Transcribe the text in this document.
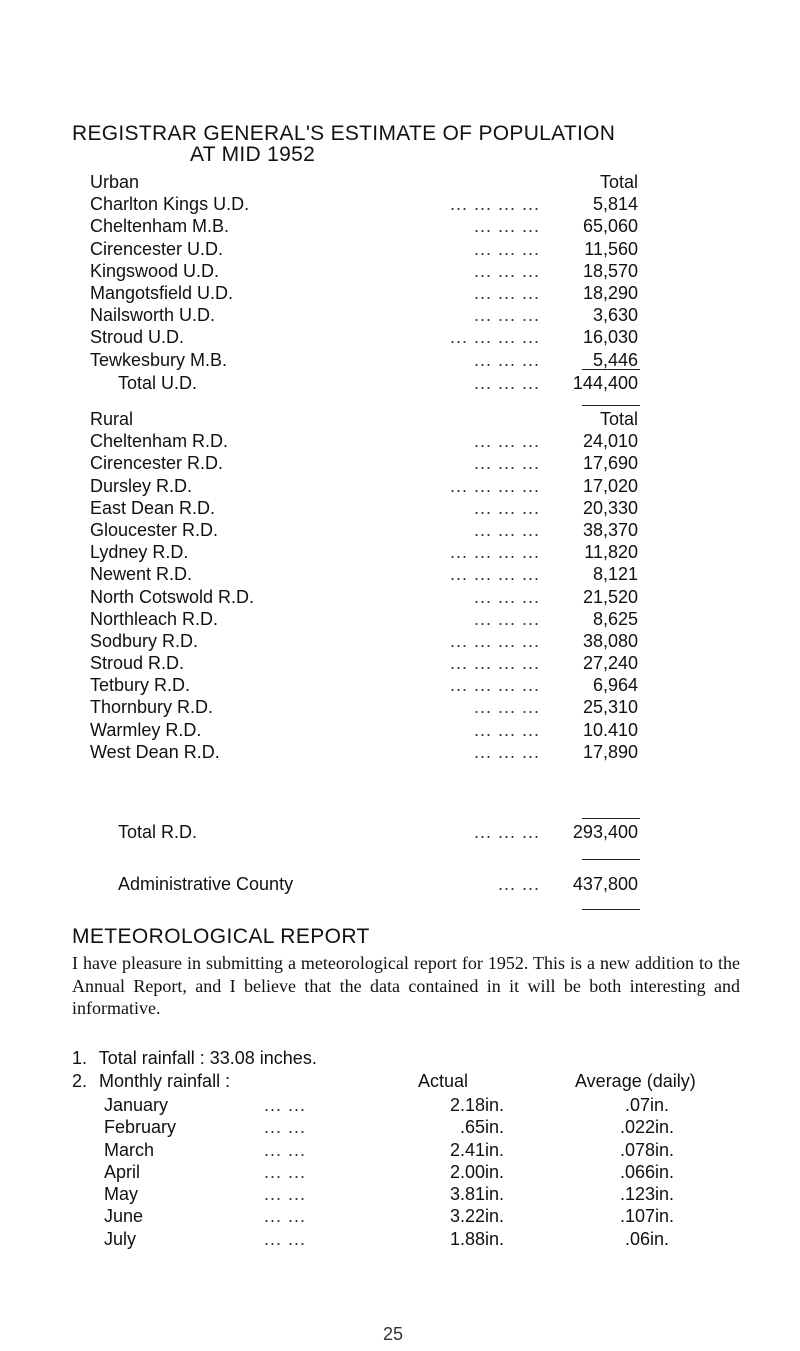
REGISTRAR GENERAL'S ESTIMATE OF POPULATION
AT MID 1952
Urban	Total
Charlton Kings U.D.	... ... ... ...	5,814
Cheltenham M.B.	... ... ... 65,060
Cirencester U.D.	... ... ... 11,560
Kingswood U.D.	... ... ... 18,570
Mangotsfield U.D.	... ... ... 18,290
Nailsworth U.D.	... ... ...	3,630
Stroud U.D.	... ... ... ... 16,030
Tewkesbury M.B.	... ... ...	5,446
Total U.D.	... ... ... 144,400
Rural	Total
Cheltenham R.D.	... ... ... 24,010
Cirencester R.D.	... ... ... 17,690
Dursley R.D.	... ... ... ... 17,020
East Dean R.D.	... ... ... 20,330
Gloucester R.D.	... ... ... 38,370
Lydney R.D.	... ... ... ... 11,820
Newent R.D.	... ... ... ...	8,121
North Cotswold R.D.	... ... ... 21,520
Northleach R.D.	... ... ...	8,625
Sodbury R.D.	... ... ... ... 38,080
Stroud R.D.	... ... ... ... 27,240
Tetbury R.D.	... ... ... ...	6,964
Thornbury R.D.	... ... ... 25,310
Warmley R.D.	... ... ... 10.410
West Dean R.D.	... ... ... 17,890
Total R.D.	... ... ... 293,400
Administrative County	... ... 437,800
METEOROLOGICAL REPORT
I have pleasure in submitting a meteorological report for 1952. This is a new addition to the Annual Report, and I believe that the data contained in it will be both interesting and informative.
1. Total rainfall : 33.08 inches.
2. Monthly rainfall :	Actual	Average (daily)
January	... ...	2.18in.	.07in.
February	... ...	.65in.	.022in.
March	... ...	2.41in.	.078in.
April	... ...	2.00in.	.066in.
May	... ...	3.81in.	.123in.
June	... ...	3.22in.	.107in.
July	... ...	1.88in.	.06in.
25
